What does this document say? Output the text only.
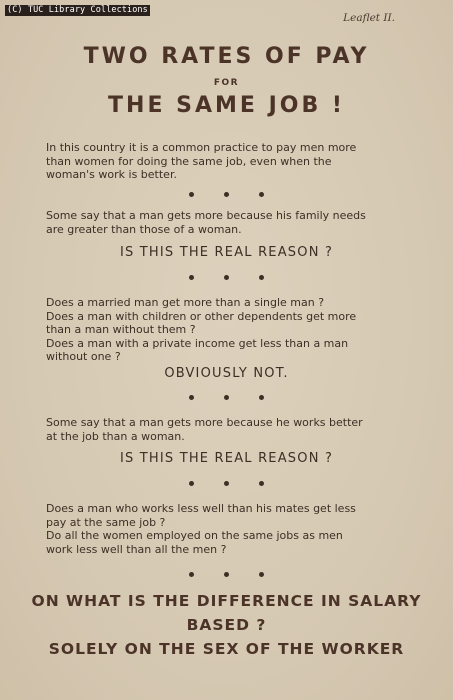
(C) TUC Library Collections
Leaflet II.
TWO RATES OF PAY
FOR
THE SAME JOB !
In this country it is a common practice to pay men more
than women for doing the same job, even when the
woman's work is better.
Some say that a man gets more because his family needs
are greater than those of a woman.
IS THIS THE REAL REASON ?
Does a married man get more than a single man ?
Does a man with children or other dependents get more
than a man without them ?
Does a man with a private income get less than a man
without one ?
OBVIOUSLY NOT.
Some say that a man gets more because he works better
at the job than a woman.
IS THIS THE REAL REASON ?
Does a man who works less well than his mates get less
pay at the same job ?
Do all the women employed on the same jobs as men
work less well than all the men ?
ON WHAT IS THE DIFFERENCE IN SALARY
BASED ?
SOLELY ON THE SEX OF THE WORKER
